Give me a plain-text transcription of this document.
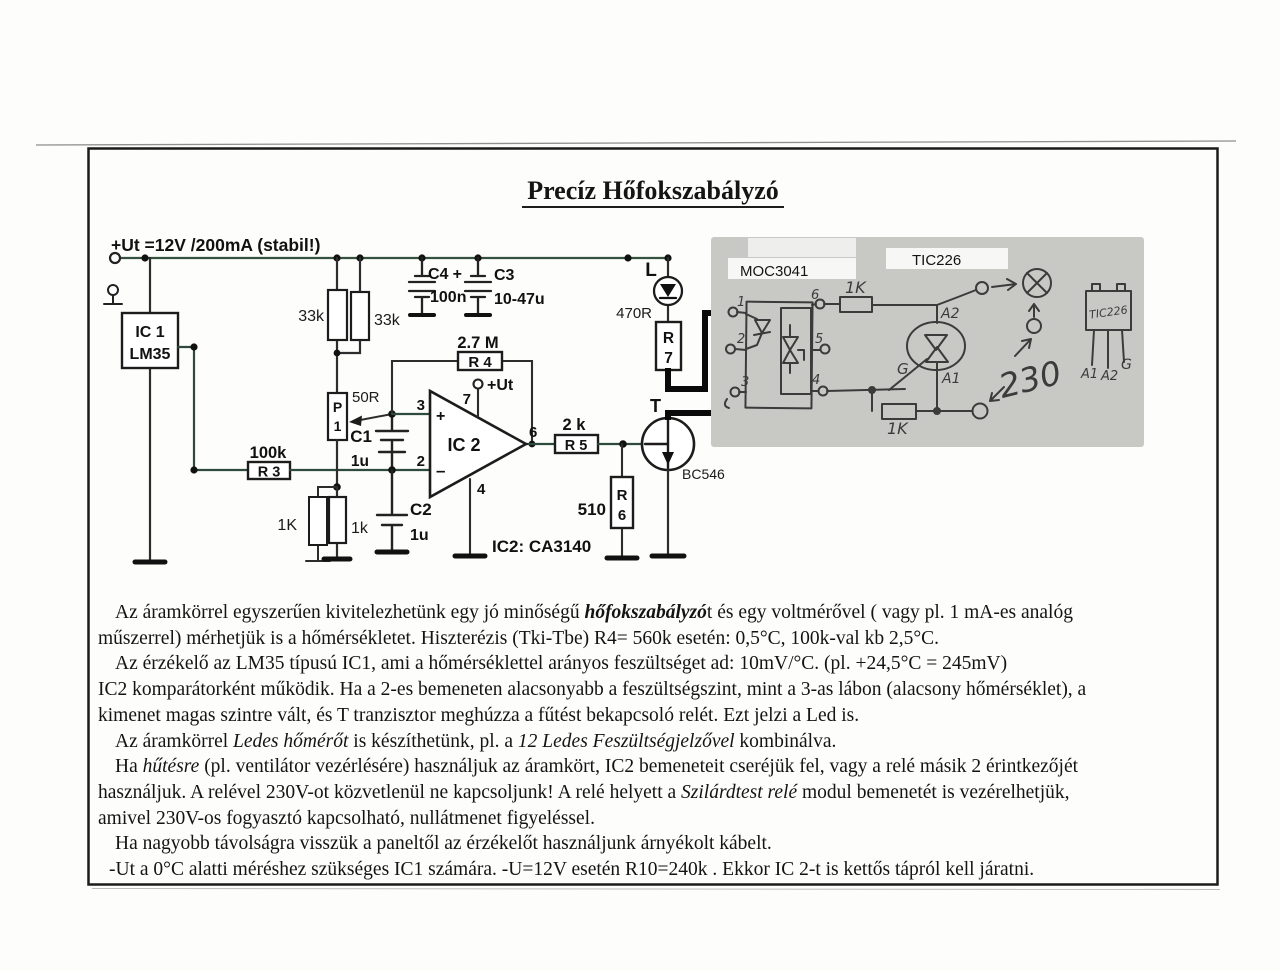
+Ut =12V /200mA (stabil!)
IC 1
LM35
R 3
100k
33k	33k
P
1
50R
1K	1k
C1
1u
C2
1u
C4
100n
+ C3
10-47u
R 4
2.7 M
3
+
2 –
7
+Ut
4
IC 2
6
IC2: CA3140
R 5
2 k
R
6
510
L
470R
R
7
T
BC546
MOC3041
TIC226
1
2
3
6
5
4
1K
1K
A2
A1
G	230
TIC226
A1 A2
G
Precíz Hőfokszabályzó
Az áramkörrel egyszerűen kivitelezhetünk egy jó minőségű hőfokszabályzót és egy voltmérővel ( vagy pl. 1 mA-es analóg
műszerrel) mérhetjük is a hőmérsékletet. Hiszterézis (Tki-Tbe) R4= 560k esetén: 0,5°C, 100k-val kb 2,5°C.
Az érzékelő az LM35 típusú IC1, ami a hőmérséklettel arányos feszültséget ad: 10mV/°C. (pl. +24,5°C = 245mV)
IC2 komparátorként működik. Ha a 2-es bemeneten alacsonyabb a feszültségszint, mint a 3-as lábon (alacsony hőmérséklet), a
kimenet magas szintre vált, és T tranzisztor meghúzza a fűtést bekapcsoló relét. Ezt jelzi a Led is.
Az áramkörrel Ledes hőmérőt is készíthetünk, pl. a 12 Ledes Feszültségjelzővel kombinálva.
Ha hűtésre (pl. ventilátor vezérlésére) használjuk az áramkört, IC2 bemeneteit cseréjük fel, vagy a relé másik 2 érintkezőjét
használjuk. A relével 230V-ot közvetlenül ne kapcsoljunk! A relé helyett a Szilárdtest relé modul bemenetét is vezérelhetjük,
amivel 230V-os fogyasztó kapcsolható, nullátmenet figyeléssel.
Ha nagyobb távolságra visszük a paneltől az érzékelőt használjunk árnyékolt kábelt.
-Ut a 0°C alatti méréshez szükséges IC1 számára. -U=12V esetén R10=240k . Ekkor IC 2-t is kettős tápról kell járatni.
